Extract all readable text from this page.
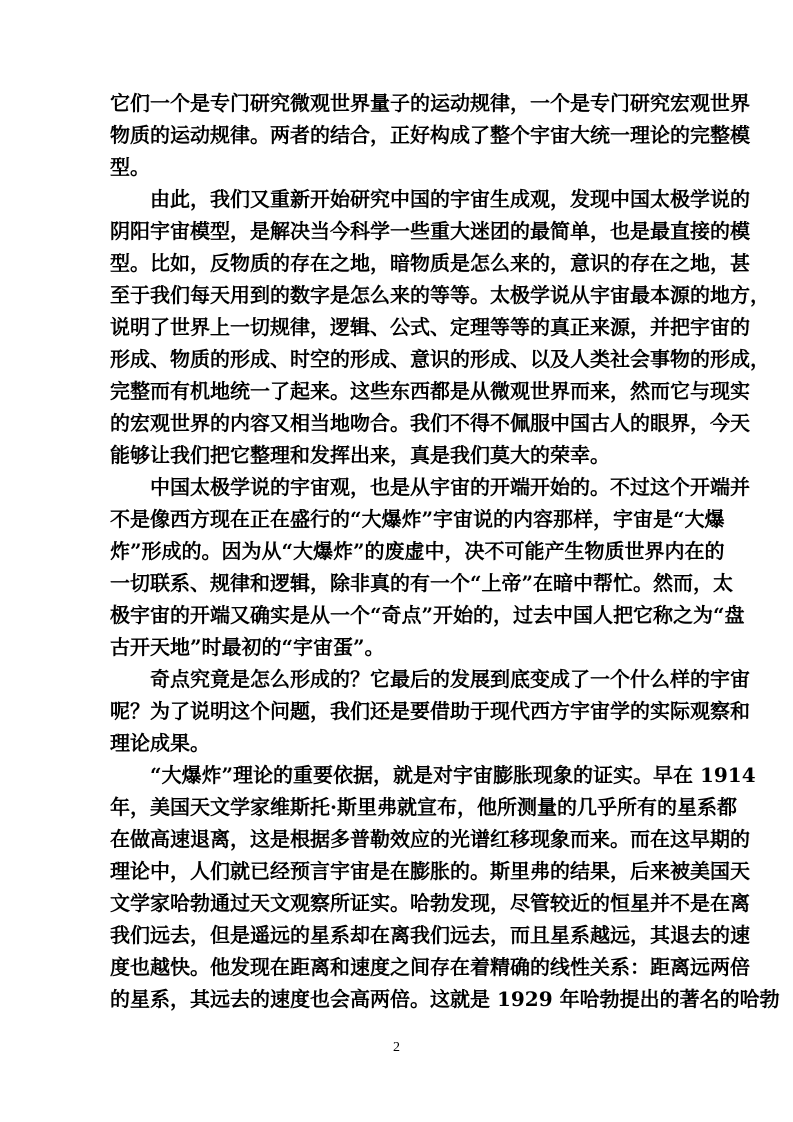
它们一个是专门研究微观世界量子的运动规律，一个是专门研究宏观世界
物质的运动规律。两者的结合，正好构成了整个宇宙大统一理论的完整模
型。
由此，我们又重新开始研究中国的宇宙生成观，发现中国太极学说的
阴阳宇宙模型，是解决当今科学一些重大迷团的最简单，也是最直接的模
型。比如，反物质的存在之地，暗物质是怎么来的，意识的存在之地，甚
至于我们每天用到的数字是怎么来的等等。太极学说从宇宙最本源的地方，
说明了世界上一切规律，逻辑、公式、定理等等的真正来源，并把宇宙的
形成、物质的形成、时空的形成、意识的形成、以及人类社会事物的形成，
完整而有机地统一了起来。这些东西都是从微观世界而来，然而它与现实
的宏观世界的内容又相当地吻合。我们不得不佩服中国古人的眼界，今天
能够让我们把它整理和发挥出来，真是我们莫大的荣幸。
中国太极学说的宇宙观，也是从宇宙的开端开始的。不过这个开端并
不是像西方现在正在盛行的“大爆炸”宇宙说的内容那样，宇宙是“大爆
炸”形成的。因为从“大爆炸”的废虚中，决不可能产生物质世界内在的
一切联系、规律和逻辑，除非真的有一个“上帝”在暗中帮忙。然而，太
极宇宙的开端又确实是从一个“奇点”开始的，过去中国人把它称之为“盘
古开天地”时最初的“宇宙蛋”。
奇点究竟是怎么形成的？它最后的发展到底变成了一个什么样的宇宙
呢？为了说明这个问题，我们还是要借助于现代西方宇宙学的实际观察和
理论成果。
“大爆炸”理论的重要依据，就是对宇宙膨胀现象的证实。早在 1914
年，美国天文学家维斯托·斯里弗就宣布，他所测量的几乎所有的星系都
在做高速退离，这是根据多普勒效应的光谱红移现象而来。而在这早期的
理论中，人们就已经预言宇宙是在膨胀的。斯里弗的结果，后来被美国天
文学家哈勃通过天文观察所证实。哈勃发现，尽管较近的恒星并不是在离
我们远去，但是遥远的星系却在离我们远去，而且星系越远，其退去的速
度也越快。他发现在距离和速度之间存在着精确的线性关系：距离远两倍
的星系，其远去的速度也会高两倍。这就是 1929 年哈勃提出的著名的哈勃
2
